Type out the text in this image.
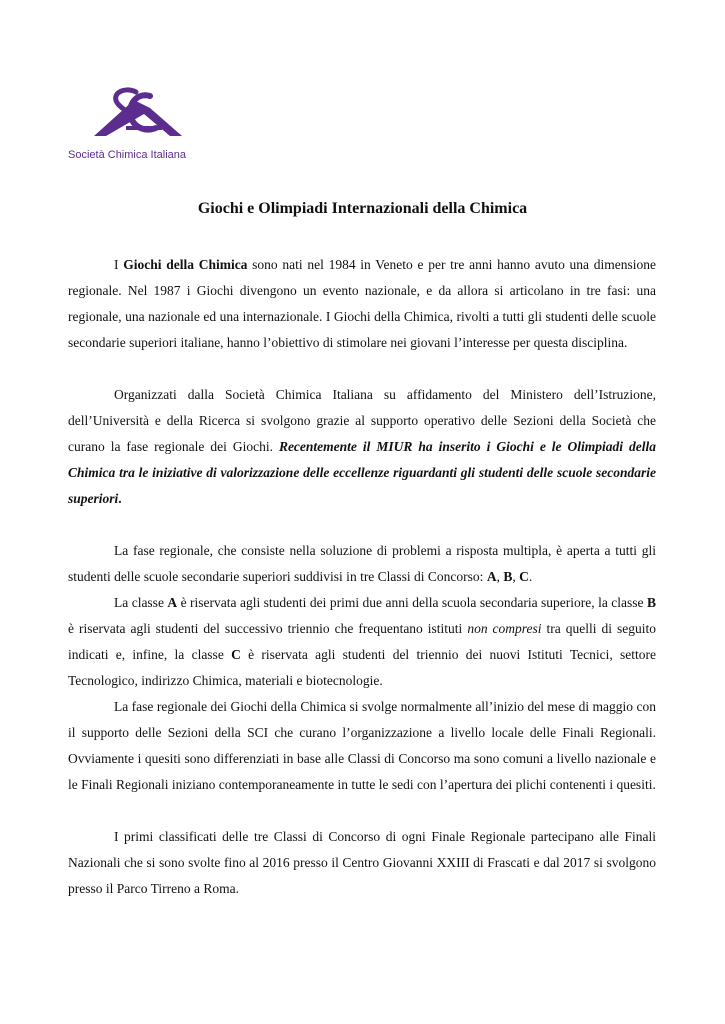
Società Chimica Italiana
Giochi e Olimpiadi Internazionali della Chimica

I Giochi della Chimica sono nati nel 1984 in Veneto e per tre anni hanno avuto una dimensione regionale. Nel 1987 i Giochi divengono un evento nazionale, e da allora si articolano in tre fasi: una regionale, una nazionale ed una internazionale. I Giochi della Chimica, rivolti a tutti gli studenti delle scuole secondarie superiori italiane, hanno l’obiettivo di stimolare nei giovani l’interesse per questa disciplina.

Organizzati dalla Società Chimica Italiana su affidamento del Ministero dell’Istruzione, dell’Università e della Ricerca si svolgono grazie al supporto operativo delle Sezioni della Società che curano la fase regionale dei Giochi. Recentemente il MIUR ha inserito i Giochi e le Olimpiadi della Chimica tra le iniziative di valorizzazione delle eccellenze riguardanti gli studenti delle scuole secondarie superiori.

La fase regionale, che consiste nella soluzione di problemi a risposta multipla, è aperta a tutti gli studenti delle scuole secondarie superiori suddivisi in tre Classi di Concorso: A, B, C.

La classe A è riservata agli studenti dei primi due anni della scuola secondaria superiore, la classe B è riservata agli studenti del successivo triennio che frequentano istituti non compresi tra quelli di seguito indicati e, infine, la classe C è riservata agli studenti del triennio dei nuovi Istituti Tecnici, settore Tecnologico, indirizzo Chimica, materiali e biotecnologie.

La fase regionale dei Giochi della Chimica si svolge normalmente all’inizio del mese di maggio con il supporto delle Sezioni della SCI che curano l’organizzazione a livello locale delle Finali Regionali. Ovviamente i quesiti sono differenziati in base alle Classi di Concorso ma sono comuni a livello nazionale e le Finali Regionali iniziano contemporaneamente in tutte le sedi con l’apertura dei plichi contenenti i quesiti.

I primi classificati delle tre Classi di Concorso di ogni Finale Regionale partecipano alle Finali Nazionali che si sono svolte fino al 2016 presso il Centro Giovanni XXIII di Frascati e dal 2017 si svolgono presso il Parco Tirreno a Roma.
